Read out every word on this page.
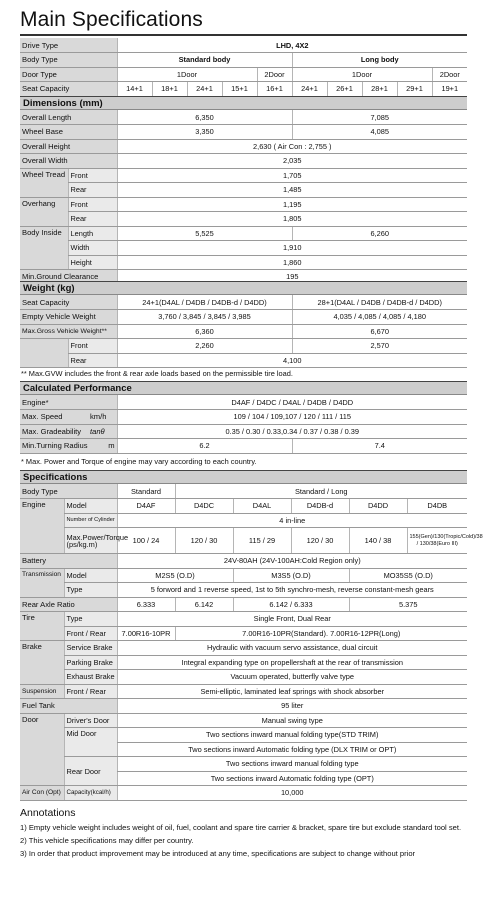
Main Specifications
Drive Type	LHD, 4X2									
Body Type	Standard body					Long body				
Door Type	1Door				2Door	1Door				2Door
Seat Capacity	14+1	18+1	24+1	15+1	16+1	24+1	26+1	28+1	29+1	19+1
Dimensions (mm)
Overall Length		6,350	7,085
Wheel Base		3,350	4,085
Overall Height		2,630 ( Air Con : 2,755 )	
Overall Width		2,035	
Wheel Tread	Front	1,705	
	Rear	1,485	
Overhang	Front	1,195	
	Rear	1,805	
Body Inside	Length	5,525	6,260
	Width	1,910	
	Height	1,860	
Min.Ground Clearance		195	
Weight (kg)
Seat Capacity		24+1(D4AL / D4DB / D4DB-d / D4DD)	28+1(D4AL / D4DB / D4DB-d / D4DD)
Empty Vehicle Weight		3,760 / 3,845 / 3,845 / 3,985	4,035 / 4,085 / 4,085 / 4,180
Max.Gross Vehicle Weight**		6,360	6,670
	Front	2,260	2,570
	Rear	4,100	
** Max.GVW includes the front & rear axle loads based on the permissible tire load.
Calculated Performance
Engine*		D4AF / D4DC / D4AL / D4DB / D4DD	
Max. Speed	km/h	109 / 104 / 109,107 / 120 / 111 / 115	
Max. Gradeability	tanθ	0.35 / 0.30 / 0.33,0.34 / 0.37 / 0.38 / 0.39	
Min.Turning Radius	m	6.2	7.4
* Max. Power and Torque of engine may vary according to each country.
Specifications
Body Type		Standard	Standard / Long				
Engine	Model	D4AF	D4DC	D4AL	D4DB-d	D4DD	D4DB
	Number of Cylinder	4 in-line					
	Max.Power/Torque (ps/kg.m)	100 / 24	120 / 30	115 / 29	120 / 30	140 / 38	155(Gen)/130(Tropic/Cold)/38 / 130/38(Euro III)
Battery		24V-80AH (24V-100AH:Cold Region only)					
Transmission	Model	M2S5 (O.D)		M3S5 (O.D)		MO35S5 (O.D)	
	Type	5 forword and 1 reverse speed, 1st to 5th synchro-mesh, reverse constant-mesh gears					
Rear Axle Ratio		6.333	6.142	6.142 / 6.333		5.375	
Tire	Type	Single Front, Dual Rear					
	Front / Rear	7.00R16-10PR	7.00R16-10PR(Standard). 7.00R16-12PR(Long)				
Brake	Service Brake	Hydraulic with vacuum servo assistance, dual circuit					
	Parking Brake	Integral expanding type on propellershaft at the rear of transmission					
	Exhaust Brake	Vacuum operated, butterfly valve type					
Suspension	Front / Rear	Semi-elliptic, laminated leaf springs with shock absorber					
Fuel Tank		95 liter					
Door	Driver's Door	Manual swing type					
	Mid Door	Two sections inward manual folding type(STD TRIM)					
		Two sections inward Automatic folding type (DLX TRIM or OPT)					
	Rear Door	Two sections inward manual folding type					
		Two sections inward Automatic folding type (OPT)					
Air Con (Opt)	Capacity(kcal/h)	10,000					
Annotations
1) Empty vehicle weight includes weight of oil, fuel, coolant and spare tire carrier & bracket, spare tire but exclude standard tool set.
2) This vehicle specifications may differ per country.
3) In order that product improvement may be introduced at any time, specifications are subject to change without prior
